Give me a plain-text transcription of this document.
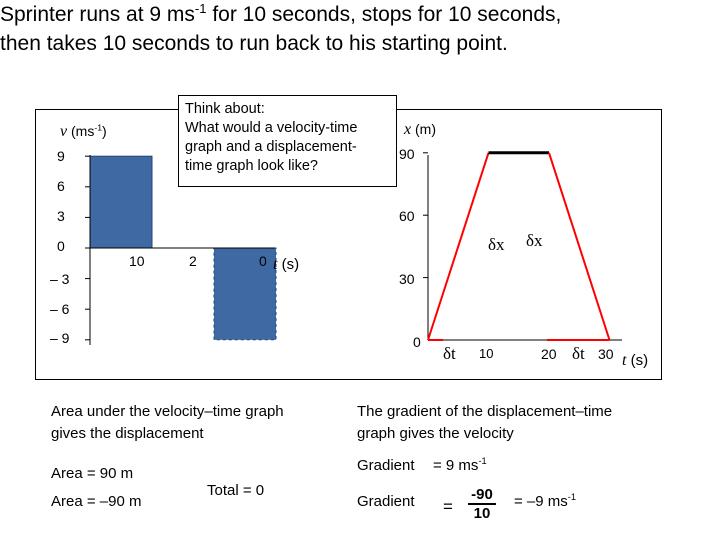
Sprinter runs at 9 $ms^{-1}$ for 10 seconds, stops for 10 seconds,
then takes 10 seconds to run back to his starting point.
v $(ms^{-1})$
9
6
3
0
– 3
– 6
– 9
10	2	0 t (s)
x (m)
90
60
30
0
10	20	30 t (s)
δx δx
δt	δt
Think about:
What would a velocity-time
graph and a displacement-
time graph look like?
Area under the velocity–time graph
gives the displacement
Area = 90 m
Area = –90 m
Total = 0
The gradient of the displacement–time
graph gives the velocity
Gradient = 9 $ms^{-1}$
Gradient = $\frac{-90}{10} = -9$ $ms^{-1}$
